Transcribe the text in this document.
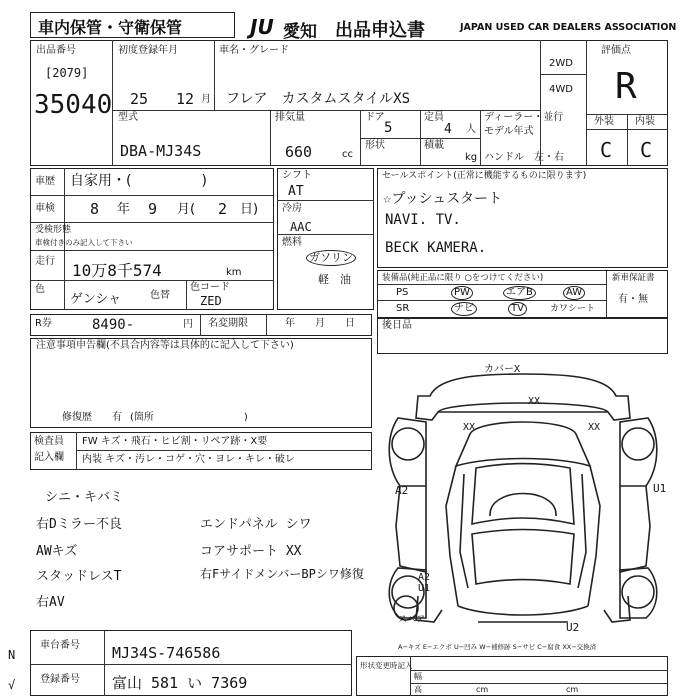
車内保管・守衛保管	JU 愛知 出品申込書	JAPAN USED CAR DEALERS ASSOCIATION
出品番号
[2079]
35040
初度登録年月
25 12 月
車名・グレード
フレア　カスタムスタイルXS
2WD
4WD
評価点
R
外装 内装
C C
型式
DBA-MJ34S
排気量
660	cc
ドア
5
定員
4 人
形状	積載
kg
ディーラー・並行
モデル年式
ハンドル　左・右
車歴 自家用・(　　　　　)
車検 8 年 9 月( 2 日)
受検形態
車検付きのみ記入して下さい
走行 10万8千574	km
色
ゲンシャ	色替
色コード
ZED
シフト
AT
冷房
AAC
燃料
ガソリン
軽　油
セールスポイント(正常に機能するものに限ります)
☆プッシュスタート
NAVI. TV.
BECK KAMERA.
装備品(純正品に限り ○をつけてください)	新車保証書
有・無
PS	PW	エアB	AW
SR	ナビ	TV	カワシート
R券	8490-	円 名変期限	年　　月　　日	後日品
注意事項申告欄(不具合内容等は具体的に記入して下さい)
修復歴 有 (箇所　　　　　　　　　)
検査員
記入欄
FW キズ・飛石・ヒビ割・リペア跡・X要
内装 キズ・汚レ・コゲ・穴・ヨレ・キレ・破レ
シニ・キバミ
右Dミラー不良
AWキズ
スタッドレスT
右AV
エンドパネル シワ
コアサポート XX
右FサイドメンバーBPシワ修復
カバーX
XX
XX	XX
A2	U1
A2
U1
スペア
U2
A−キズ E−エクボ U−凹み W−補修跡 S−サビ C−腐食 XX−交換済
車台番号 MJ34S-746586
登録番号 富山 581 い 7369
N
√
形状変更時記入
幅
高	cm	cm
